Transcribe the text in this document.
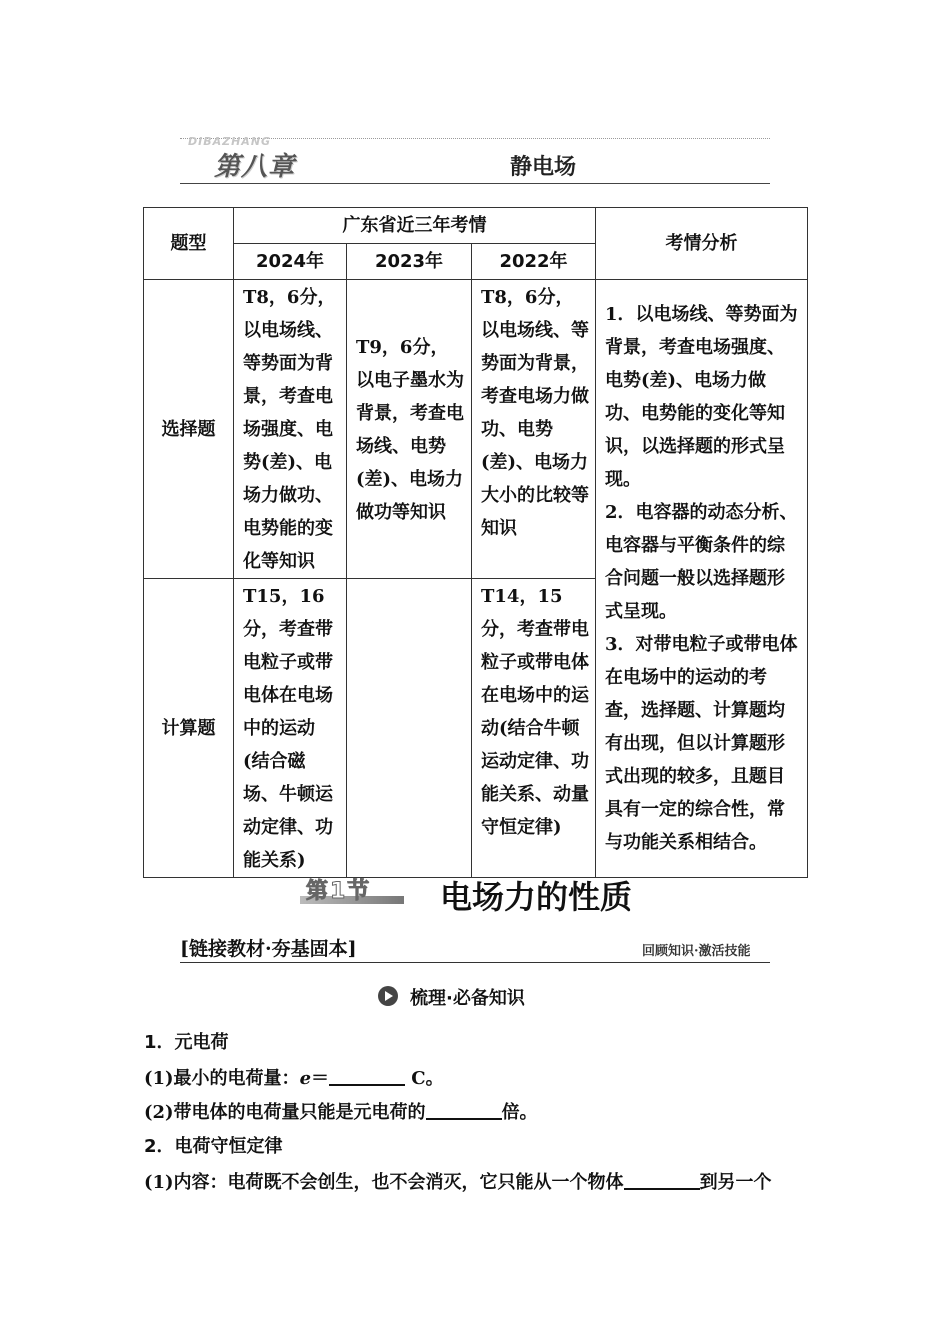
DIBAZHANG
第八章	静电场
题型	广东省近三年考情			考情分析
	2024年	2023年	2022年	
选择题	T8，6分，以电场线、等势面为背景，考查电场强度、电势(差)、电场力做功、电势能的变化等知识	T9，6分，以电子墨水为背景，考查电场线、电势(差)、电场力做功等知识	T8，6分，以电场线、等势面为背景，考查电场力做功、电势(差)、电场力大小的比较等知识	1．以电场线、等势面为背景，考查电场强度、电势(差)、电场力做功、电势能的变化等知识，以选择题的形式呈现。
2．电容器的动态分析、电容器与平衡条件的综合问题一般以选择题形式呈现。
3．对带电粒子或带电体在电场中的运动的考查，选择题、计算题均有出现，但以计算题形式出现的较多，且题目具有一定的综合性，常与功能关系相结合。

计算题	T15，16分，考查带电粒子或带电体在电场中的运动(结合磁场、牛顿运动定律、功能关系)		T14，15分，考查带电粒子或带电体在电场中的运动(结合牛顿运动定律、功能关系、动量守恒定律)	
第1节 电场力的性质
[链接教材·夯基固本]	回顾知识·激活技能
梳理·必备知识
1．元电荷
(1)最小的电荷量：e＝	C。
(2)带电体的电荷量只能是元电荷的	倍。
2．电荷守恒定律
(1)内容：电荷既不会创生，也不会消灭，它只能从一个物体	到另一个
